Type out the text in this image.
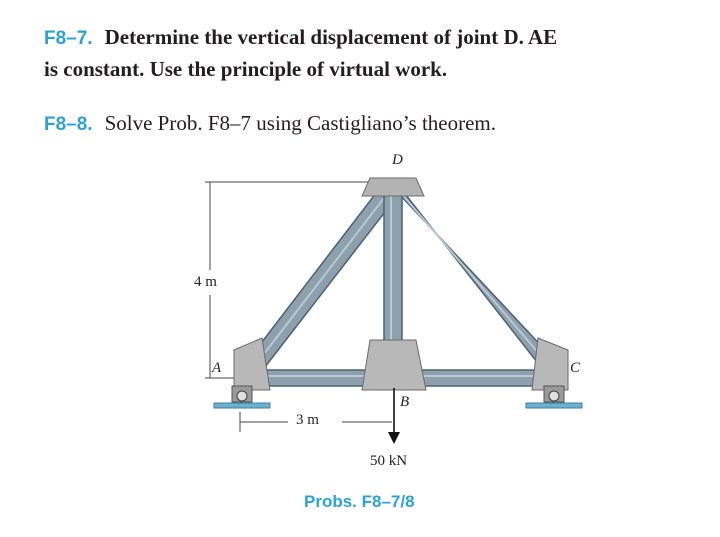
F8–7. Determine the vertical displacement of joint D. AE
is constant. Use the principle of virtual work.
F8–8. Solve Prob. F8–7 using Castigliano’s theorem.
D
A	C
B
4 m
3 m
50 kN
Probs. F8–7/8
